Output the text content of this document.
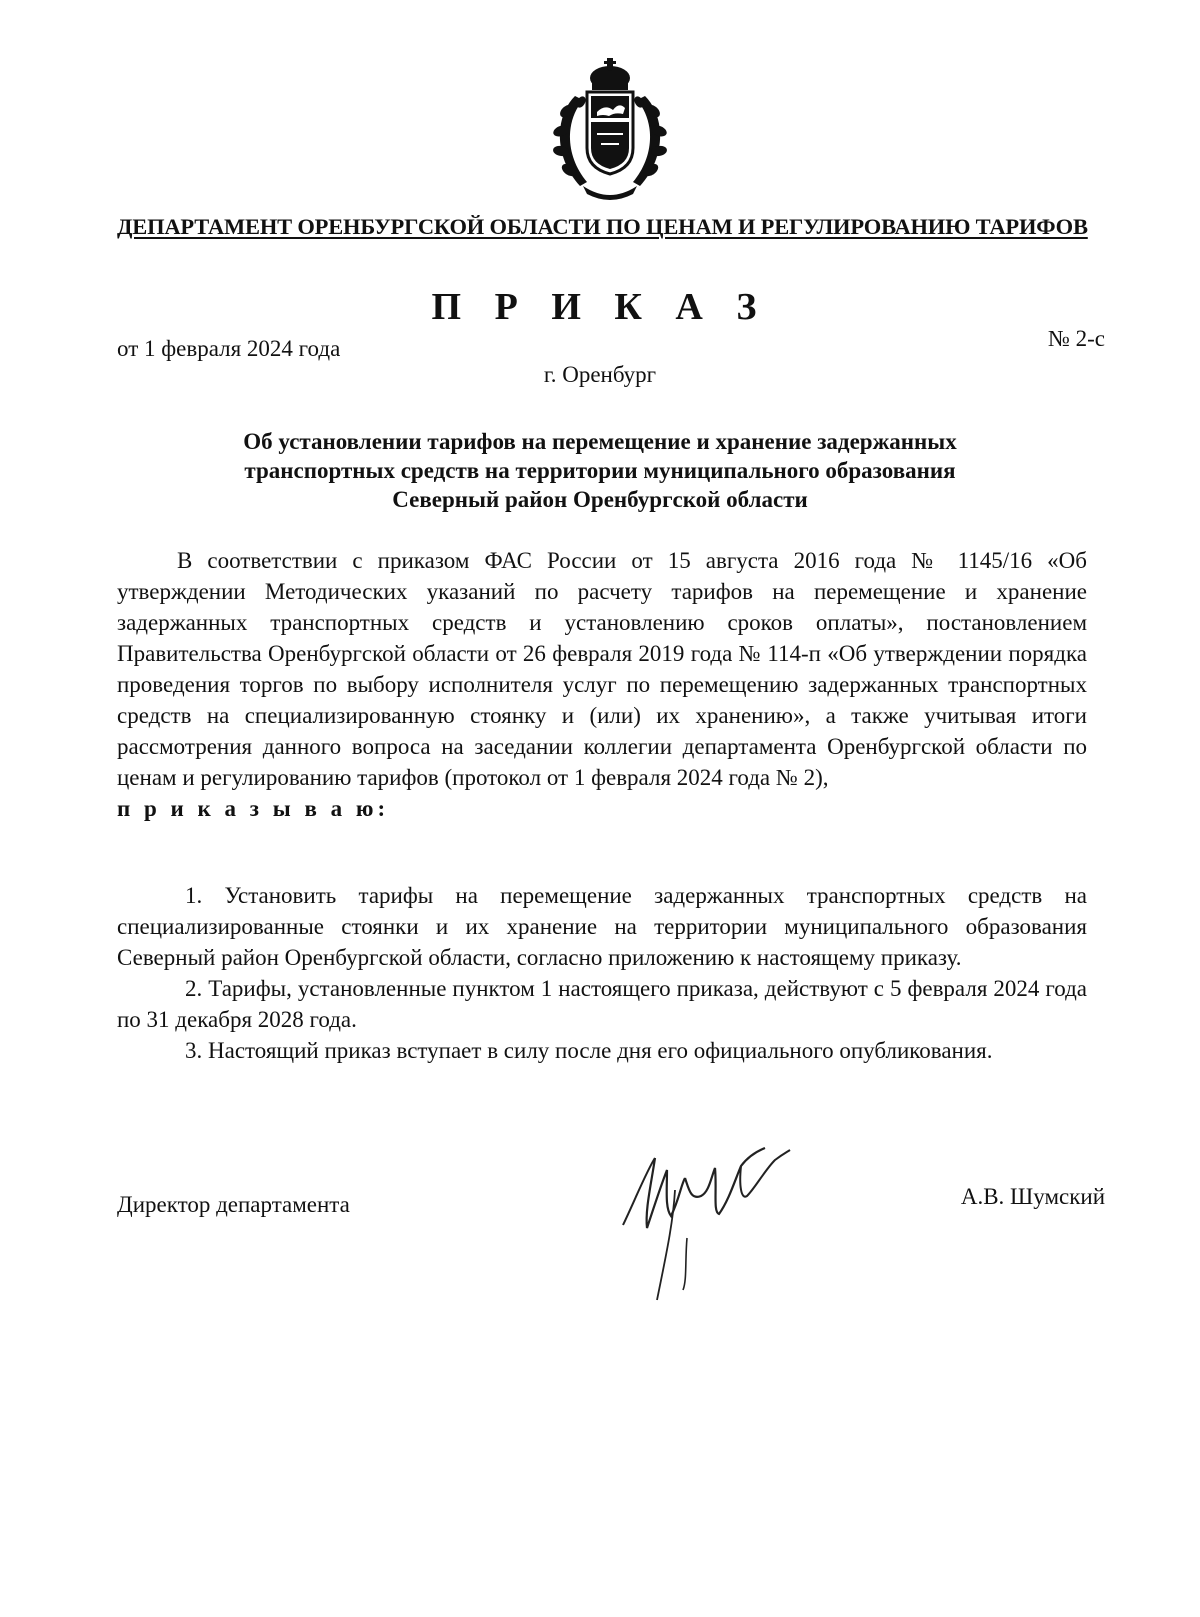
ДЕПАРТАМЕНТ ОРЕНБУРГСКОЙ ОБЛАСТИ ПО ЦЕНАМ И РЕГУЛИРОВАНИЮ ТАРИФОВ
П Р И К А З
от 1 февраля 2024 года	№ 2-с
г. Оренбург
Об установлении тарифов на перемещение и хранение задержанных
транспортных средств на территории муниципального образования
Северный район Оренбургской области

В соответствии с приказом ФАС России от 15 августа 2016 года № 1145/16 «Об утверждении Методических указаний по расчету тарифов на перемещение и хранение задержанных транспортных средств и установлению сроков оплаты», постановлением Правительства Оренбургской области от 26 февраля 2019 года № 114-п «Об утверждении порядка проведения торгов по выбору исполнителя услуг по перемещению задержанных транспортных средств на специализированную стоянку и (или) их хранению», а также учитывая итоги рассмотрения данного вопроса на заседании коллегии департамента Оренбургской области по ценам и регулированию тарифов (протокол от 1 февраля 2024 года № 2),

п р и к а з ы в а ю:

1. Установить тарифы на перемещение задержанных транспортных средств на специализированные стоянки и их хранение на территории муниципального образования Северный район Оренбургской области, согласно приложению к настоящему приказу.

2. Тарифы, установленные пунктом 1 настоящего приказа, действуют с 5 февраля 2024 года по 31 декабря 2028 года.

3. Настоящий приказ вступает в силу после дня его официального опубликования.

Директор департамента	А.В. Шумский
